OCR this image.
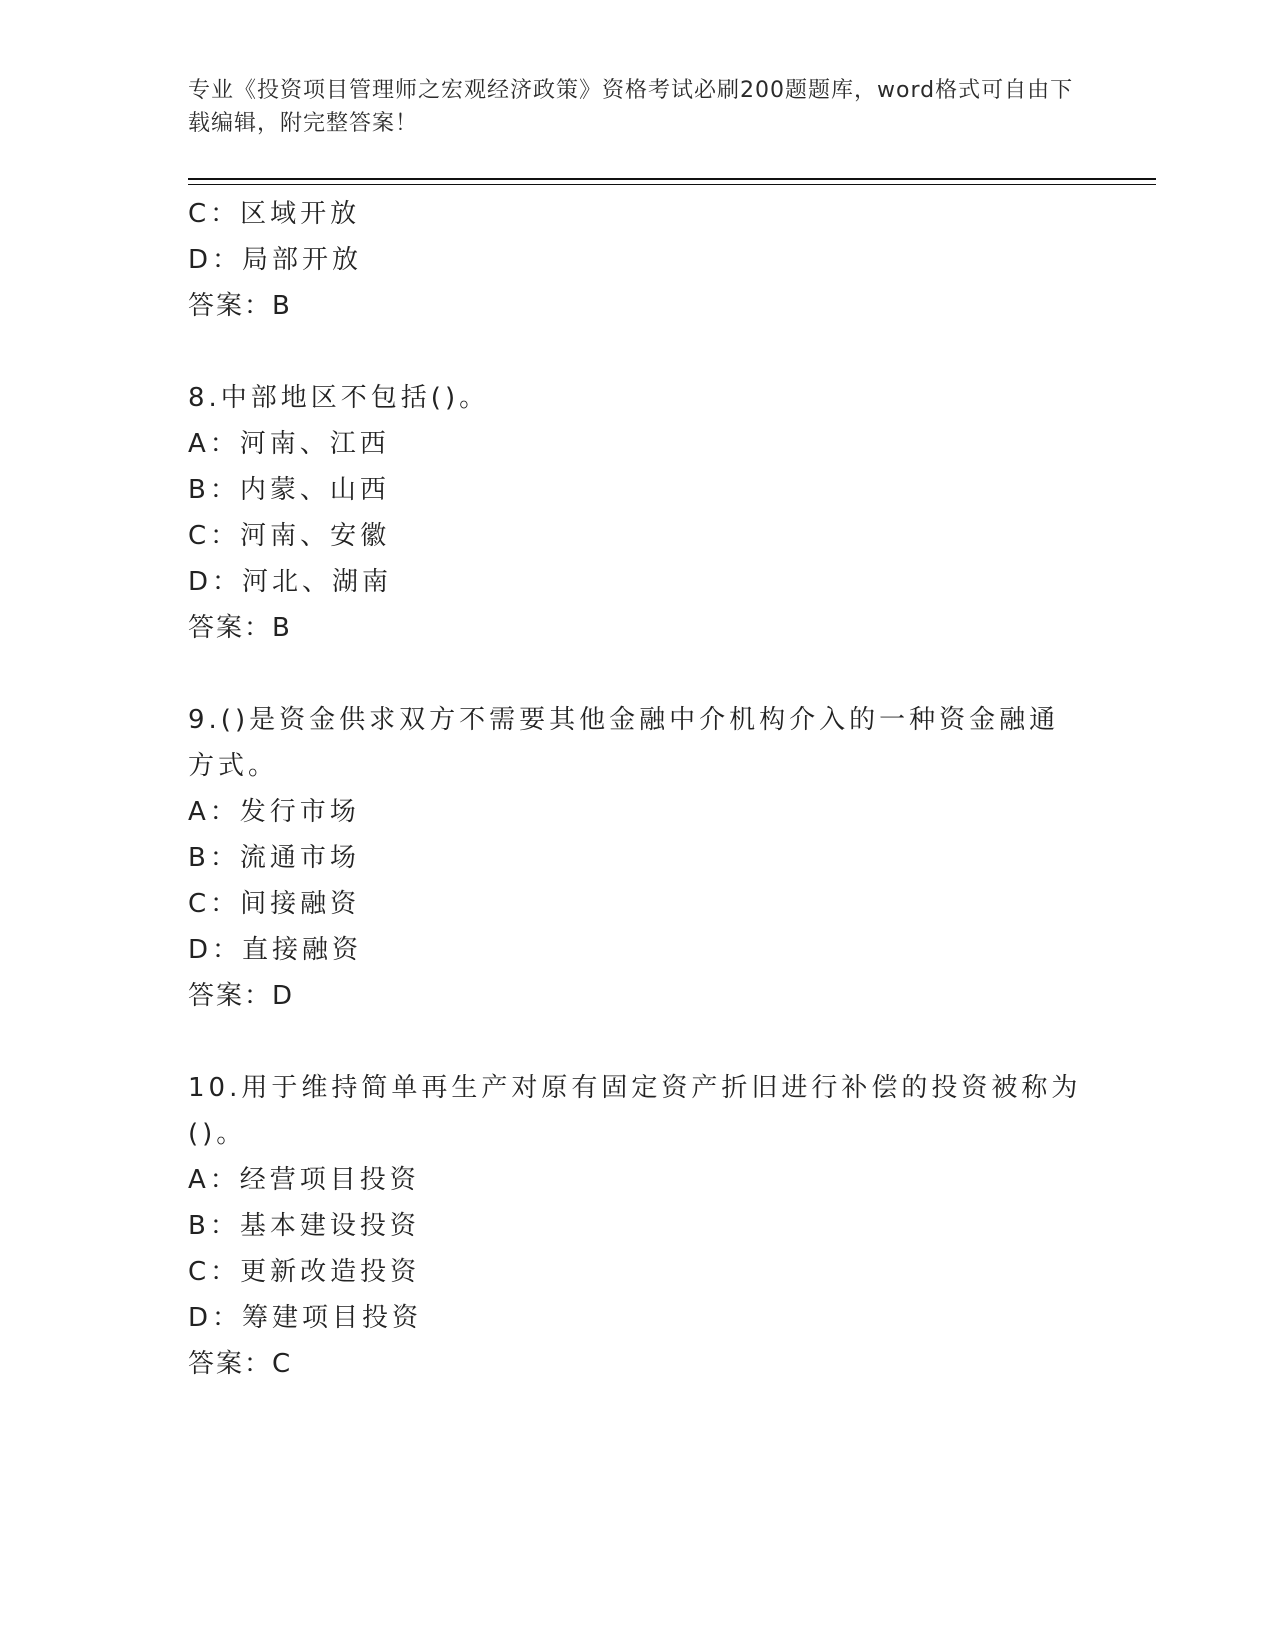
专业《投资项目管理师之宏观经济政策》资格考试必刷200题题库，word格式可自由下载编辑，附完整答案！
C：区域开放
D：局部开放
答案：B
8.中部地区不包括()。
A：河南、江西
B：内蒙、山西
C：河南、安徽
D：河北、湖南
答案：B
9.()是资金供求双方不需要其他金融中介机构介入的一种资金融通方式。
A：发行市场
B：流通市场
C：间接融资
D：直接融资
答案：D
10.用于维持简单再生产对原有固定资产折旧进行补偿的投资被称为()。
A：经营项目投资
B：基本建设投资
C：更新改造投资
D：筹建项目投资
答案：C
